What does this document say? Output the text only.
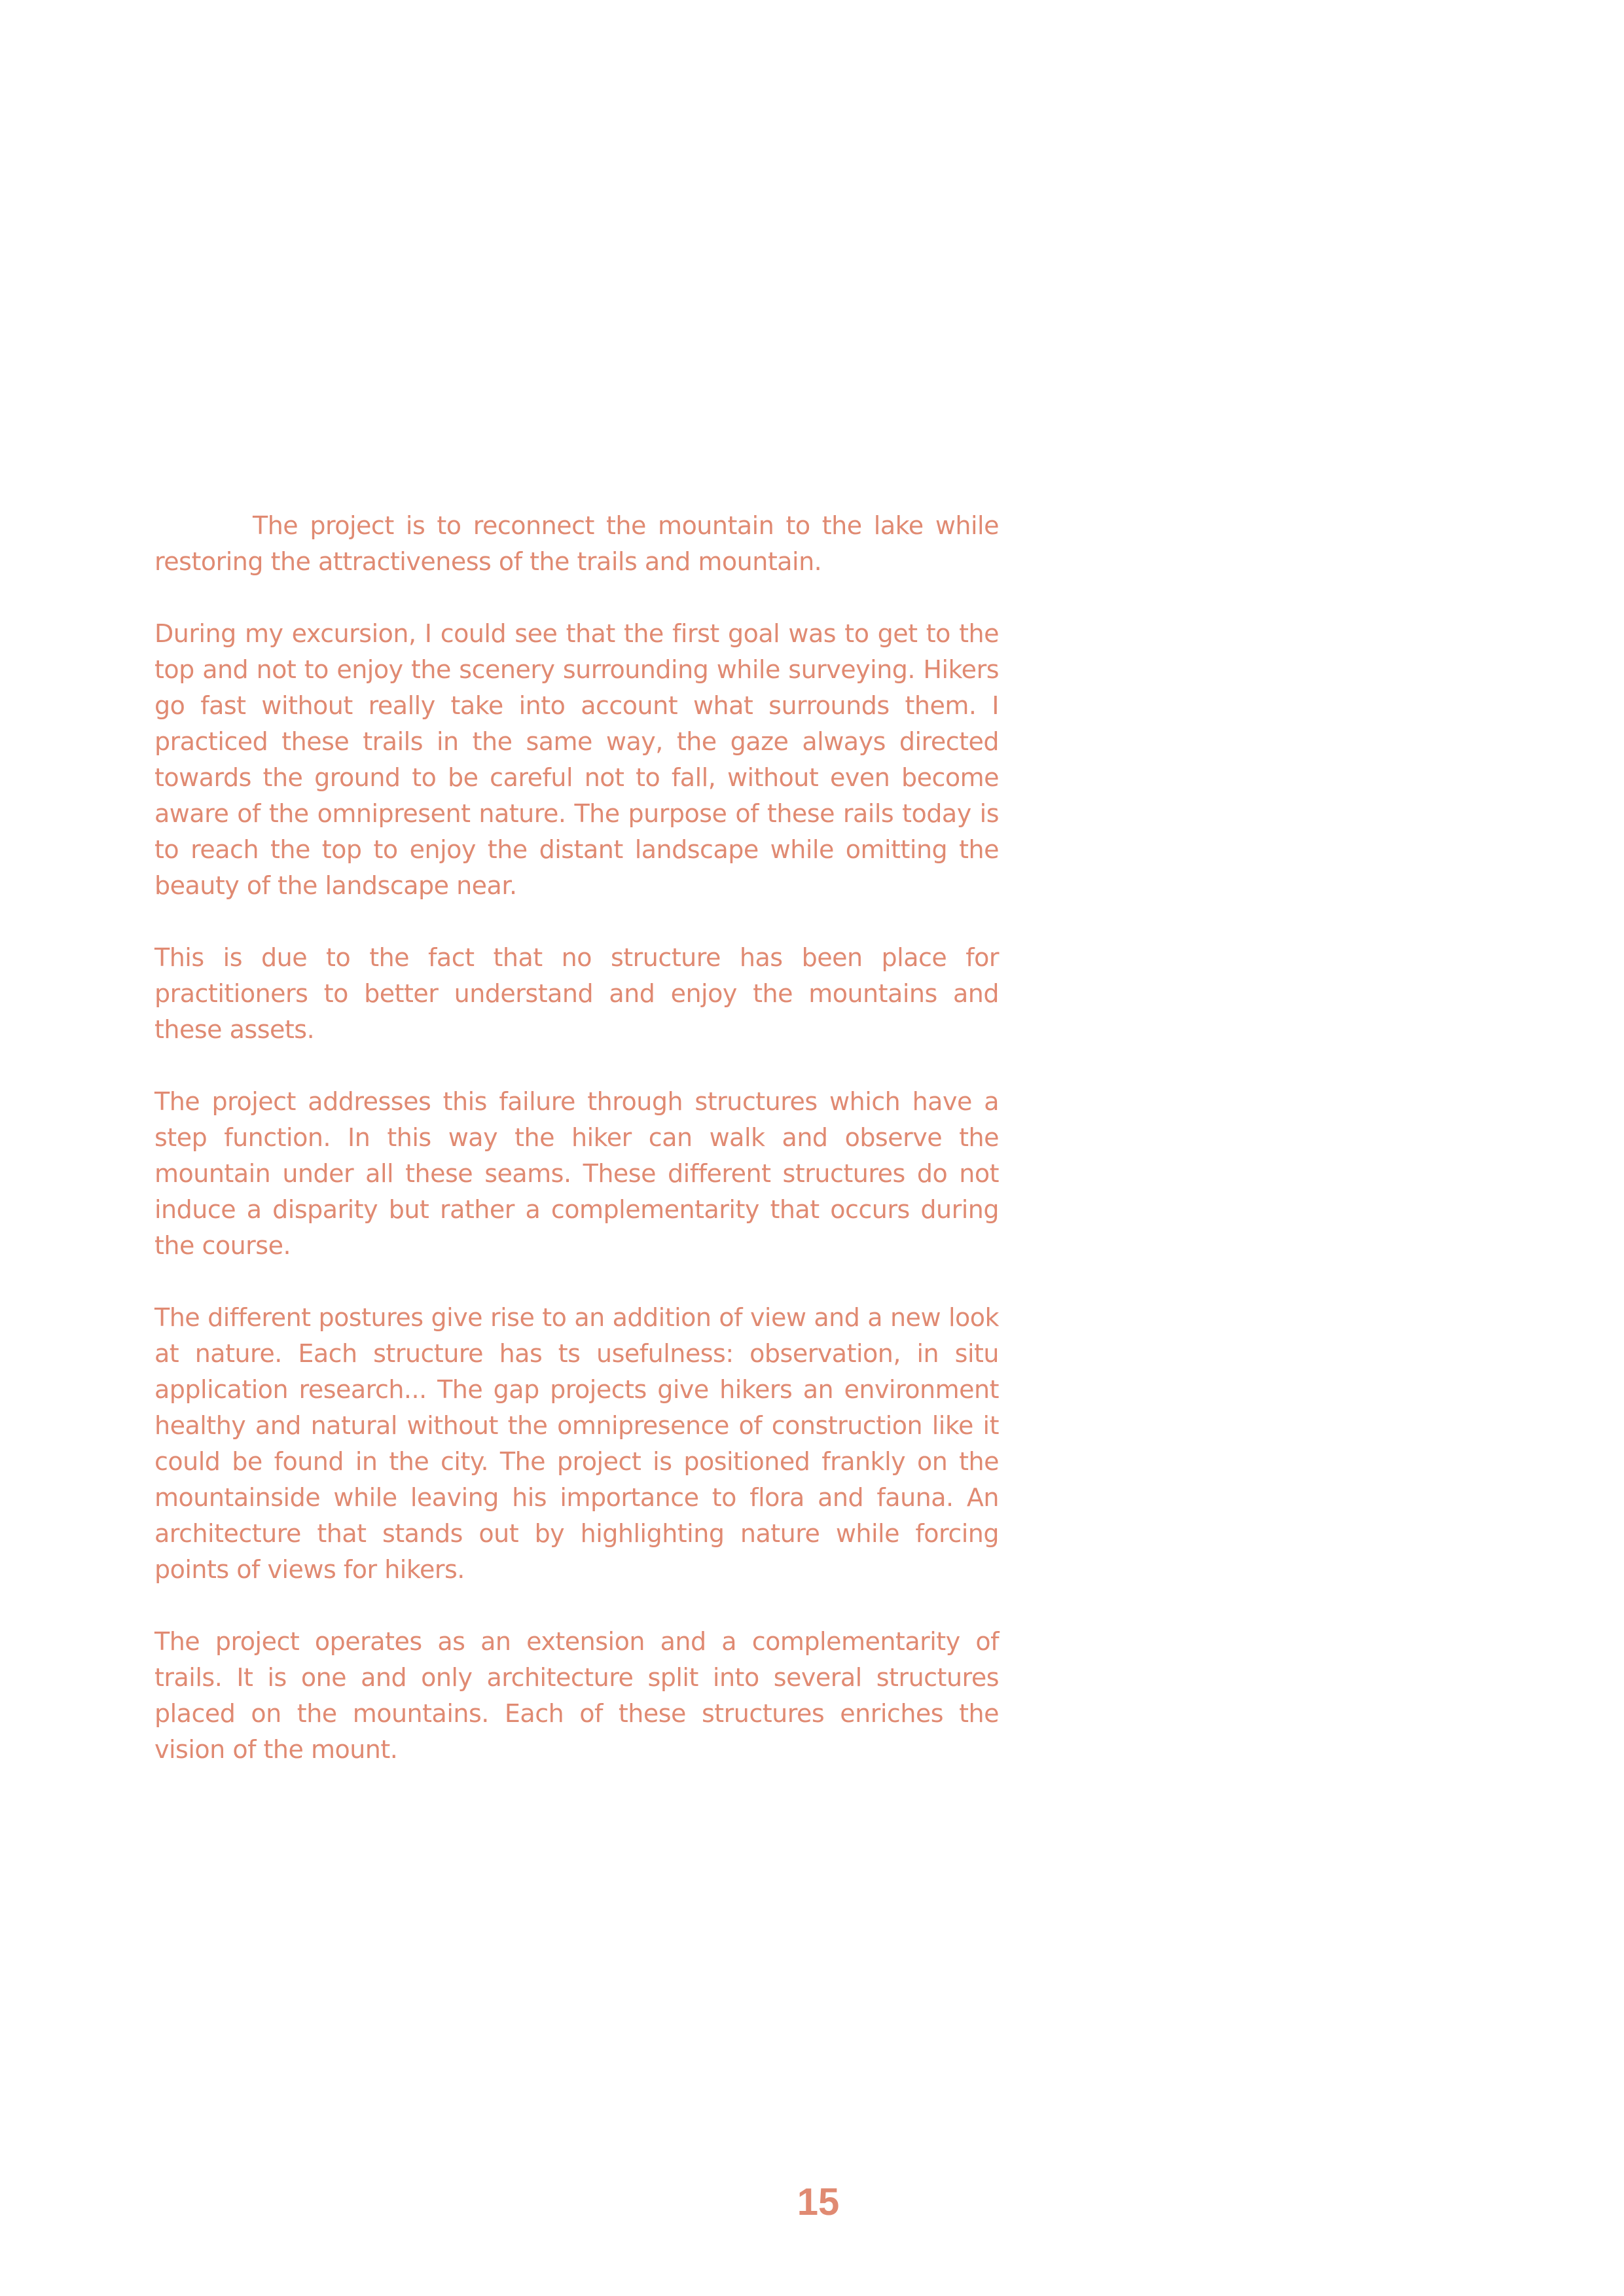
The project is to reconnect the mountain to the lake while restoring the attractiveness of the trails and mountain.

During my excursion, I could see that the first goal was to get to the top and not to enjoy the scenery surrounding while surveying. Hikers go fast without really take into account what surrounds them. I practiced these trails in the same way, the gaze always directed towards the ground to be careful not to fall, without even become aware of the omnipresent nature. The purpose of these rails today is to reach the top to enjoy the distant landscape while omitting the beauty of the landscape near.

This is due to the fact that no structure has been place for practitioners to better understand and enjoy the mountains and these assets.

The project addresses this failure through structures which have a step function. In this way the hiker can walk and observe the mountain under all these seams. These different structures do not induce a disparity but rather a complementarity that occurs during the course.

The different postures give rise to an addition of view and a new look at nature. Each structure has ts usefulness: observation, in situ application research... The gap projects give hikers an environment healthy and natural without the omnipresence of construction like it could be found in the city. The project is positioned frankly on the mountainside while leaving his importance to flora and fauna. An architecture that stands out by highlighting nature while forcing points of views for hikers.

The project operates as an extension and a complementarity of trails. It is one and only architecture split into several structures placed on the mountains. Each of these structures enriches the vision of the mount.

15
